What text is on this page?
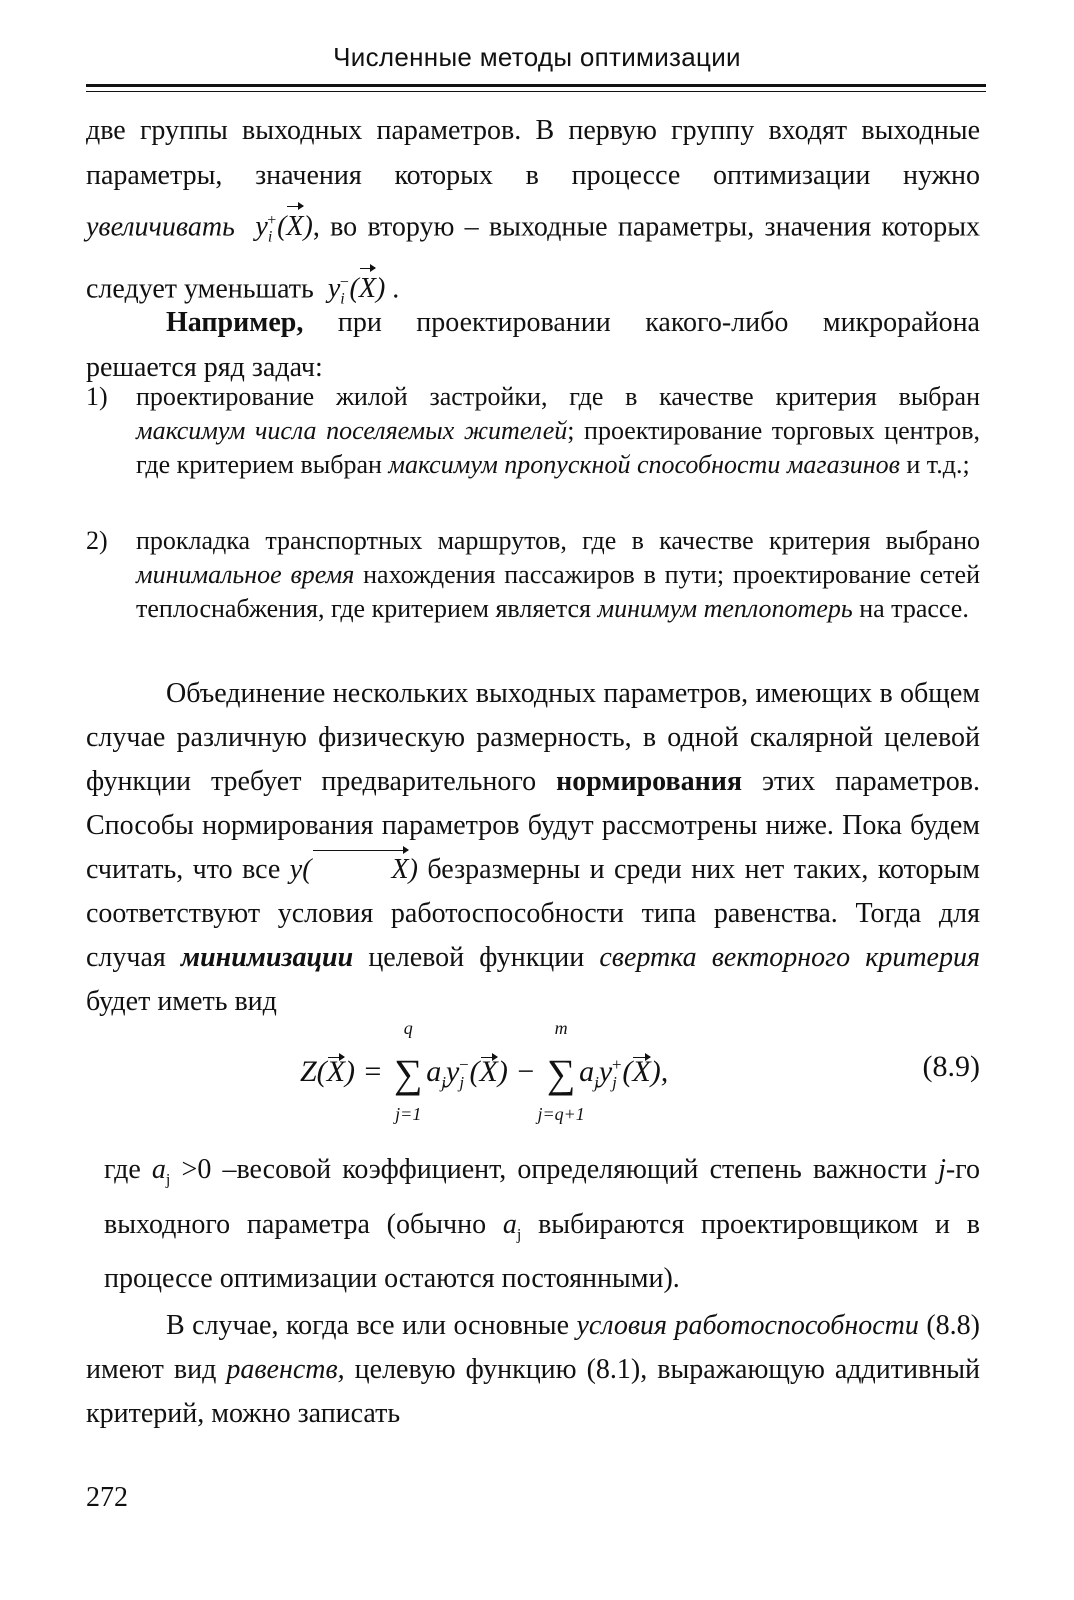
Численные методы оптимизации
две группы выходных параметров. В первую группу входят выходные параметры, значения которых в процессе оптимизации нужно увеличивать $y_i^+(X)$, во вторую – выходные параметры, значения которых следует уменьшать $y_i^-(X)$ .
Например, при проектировании какого-либо микрорайона решается ряд задач:
1)	проектирование жилой застройки, где в качестве критерия выбран максимум числа поселяемых жителей; проектирование торговых центров, где критерием выбран максимум пропускной способности магазинов и т.д.;
2)	прокладка транспортных маршрутов, где в качестве критерия выбрано минимальное время нахождения пассажиров в пути; проектирование сетей теплоснабжения, где критерием является минимум теплопотерь на трассе.
Объединение нескольких выходных параметров, имеющих в общем случае различную физическую размерность, в одной скалярной целевой функции требует предварительного нормирования этих параметров. Способы нормирования параметров будут рассмотрены ниже. Пока будем считать, что все y(	X) безразмерны и среди них нет таких, которым соответствуют условия работоспособности типа равенства. Тогда для случая минимизации целевой функции свертка векторного критерия будет иметь вид
Z(X) = ∑
q
j=1
$a_jy_j^-(X)$ − ∑
m
j=q+1
$a_jy_j^+(X)$,	(8.9)
где $a_j >0$ –весовой коэффициент, определяющий степень важности j-го выходного параметра (обычно $a_j$ выбираются проектировщиком и в процессе оптимизации остаются постоянными).
В случае, когда все или основные условия работоспособности (8.8) имеют вид равенств, целевую функцию (8.1), выражающую аддитивный критерий, можно записать
272
